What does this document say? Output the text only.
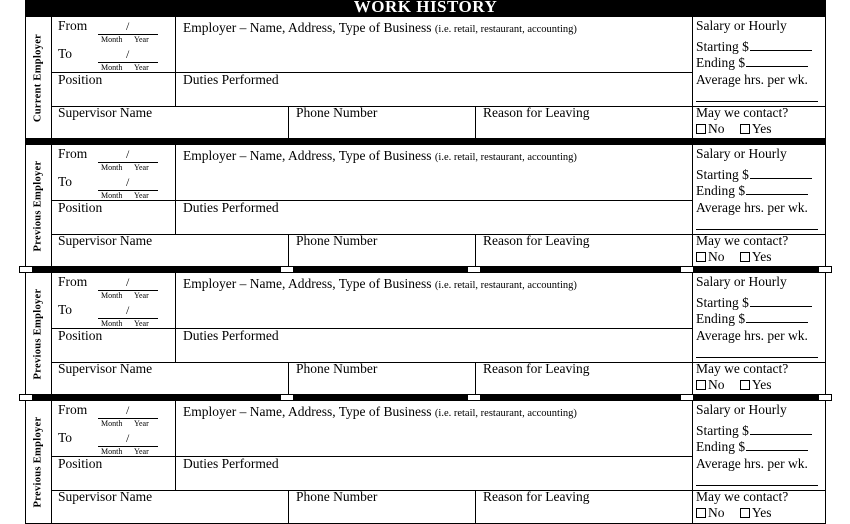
WORK HISTORY
Current Employer
From	/
Month Year
To	/
Month Year
Employer – Name, Address, Type of Business (i.e. retail, restaurant, accounting)	Salary or Hourly
Starting $
Ending $
Position	Duties Performed	Average hrs. per wk.
Supervisor Name	Phone Number	Reason for Leaving	May we contact?
No Yes
Previous Employer
From	/
Month Year
To	/
Month Year
Employer – Name, Address, Type of Business (i.e. retail, restaurant, accounting)	Salary or Hourly
Starting $
Ending $
Position	Duties Performed	Average hrs. per wk.
Supervisor Name	Phone Number	Reason for Leaving	May we contact?
No Yes
Previous Employer
From	/
Month Year
To	/
Month Year
Employer – Name, Address, Type of Business (i.e. retail, restaurant, accounting)	Salary or Hourly
Starting $
Ending $
Position	Duties Performed	Average hrs. per wk.
Supervisor Name	Phone Number	Reason for Leaving	May we contact?
No Yes
Previous Employer
From	/
Month Year
To	/
Month Year
Employer – Name, Address, Type of Business (i.e. retail, restaurant, accounting)	Salary or Hourly
Starting $
Ending $
Position	Duties Performed	Average hrs. per wk.
Supervisor Name	Phone Number	Reason for Leaving	May we contact?
No Yes
